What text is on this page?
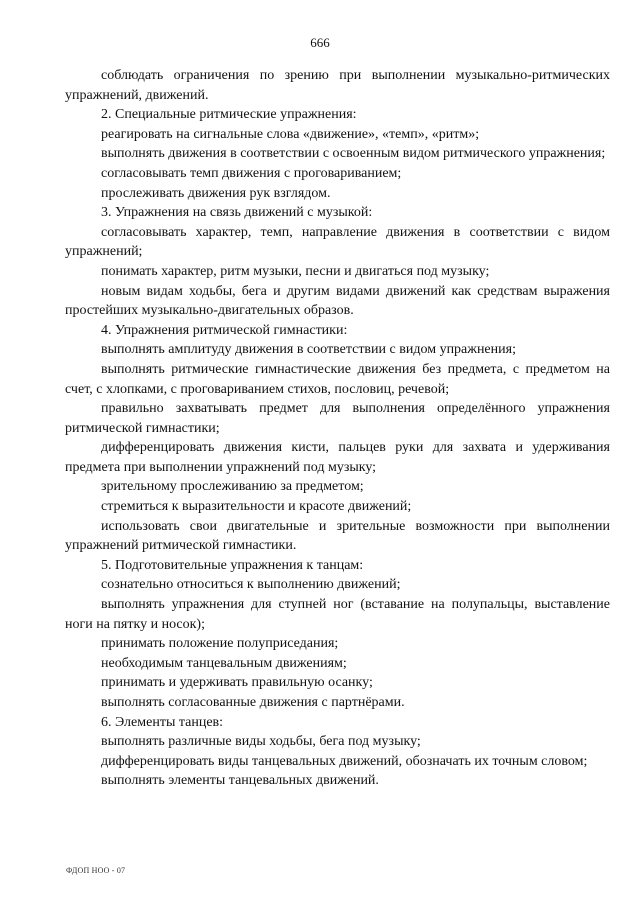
666

соблюдать ограничения по зрению при выполнении музыкально-ритмических упражнений, движений.

2. Специальные ритмические упражнения:

реагировать на сигнальные слова «движение», «темп», «ритм»;

выполнять движения в соответствии с освоенным видом ритмического упражнения;

согласовывать темп движения с проговариванием;

прослеживать движения рук взглядом.

3. Упражнения на связь движений с музыкой:

согласовывать характер, темп, направление движения в соответствии с видом упражнений;

понимать характер, ритм музыки, песни и двигаться под музыку;

новым видам ходьбы, бега и другим видами движений как средствам выражения простейших музыкально-двигательных образов.

4. Упражнения ритмической гимнастики:

выполнять амплитуду движения в соответствии с видом упражнения;

выполнять ритмические гимнастические движения без предмета, с предметом на счет, с хлопками, с проговариванием стихов, пословиц, речевой;

правильно захватывать предмет для выполнения определённого упражнения ритмической гимнастики;

дифференцировать движения кисти, пальцев руки для захвата и удерживания предмета при выполнении упражнений под музыку;

зрительному прослеживанию за предметом;

стремиться к выразительности и красоте движений;

использовать свои двигательные и зрительные возможности при выполнении упражнений ритмической гимнастики.

5. Подготовительные упражнения к танцам:

сознательно относиться к выполнению движений;

выполнять упражнения для ступней ног (вставание на полупальцы, выставление ноги на пятку и носок);

принимать положение полуприседания;

необходимым танцевальным движениям;

принимать и удерживать правильную осанку;

выполнять согласованные движения с партнёрами.

6. Элементы танцев:

выполнять различные виды ходьбы, бега под музыку;

дифференцировать виды танцевальных движений, обозначать их точным словом;

выполнять элементы танцевальных движений.

ФДОП НОО - 07
